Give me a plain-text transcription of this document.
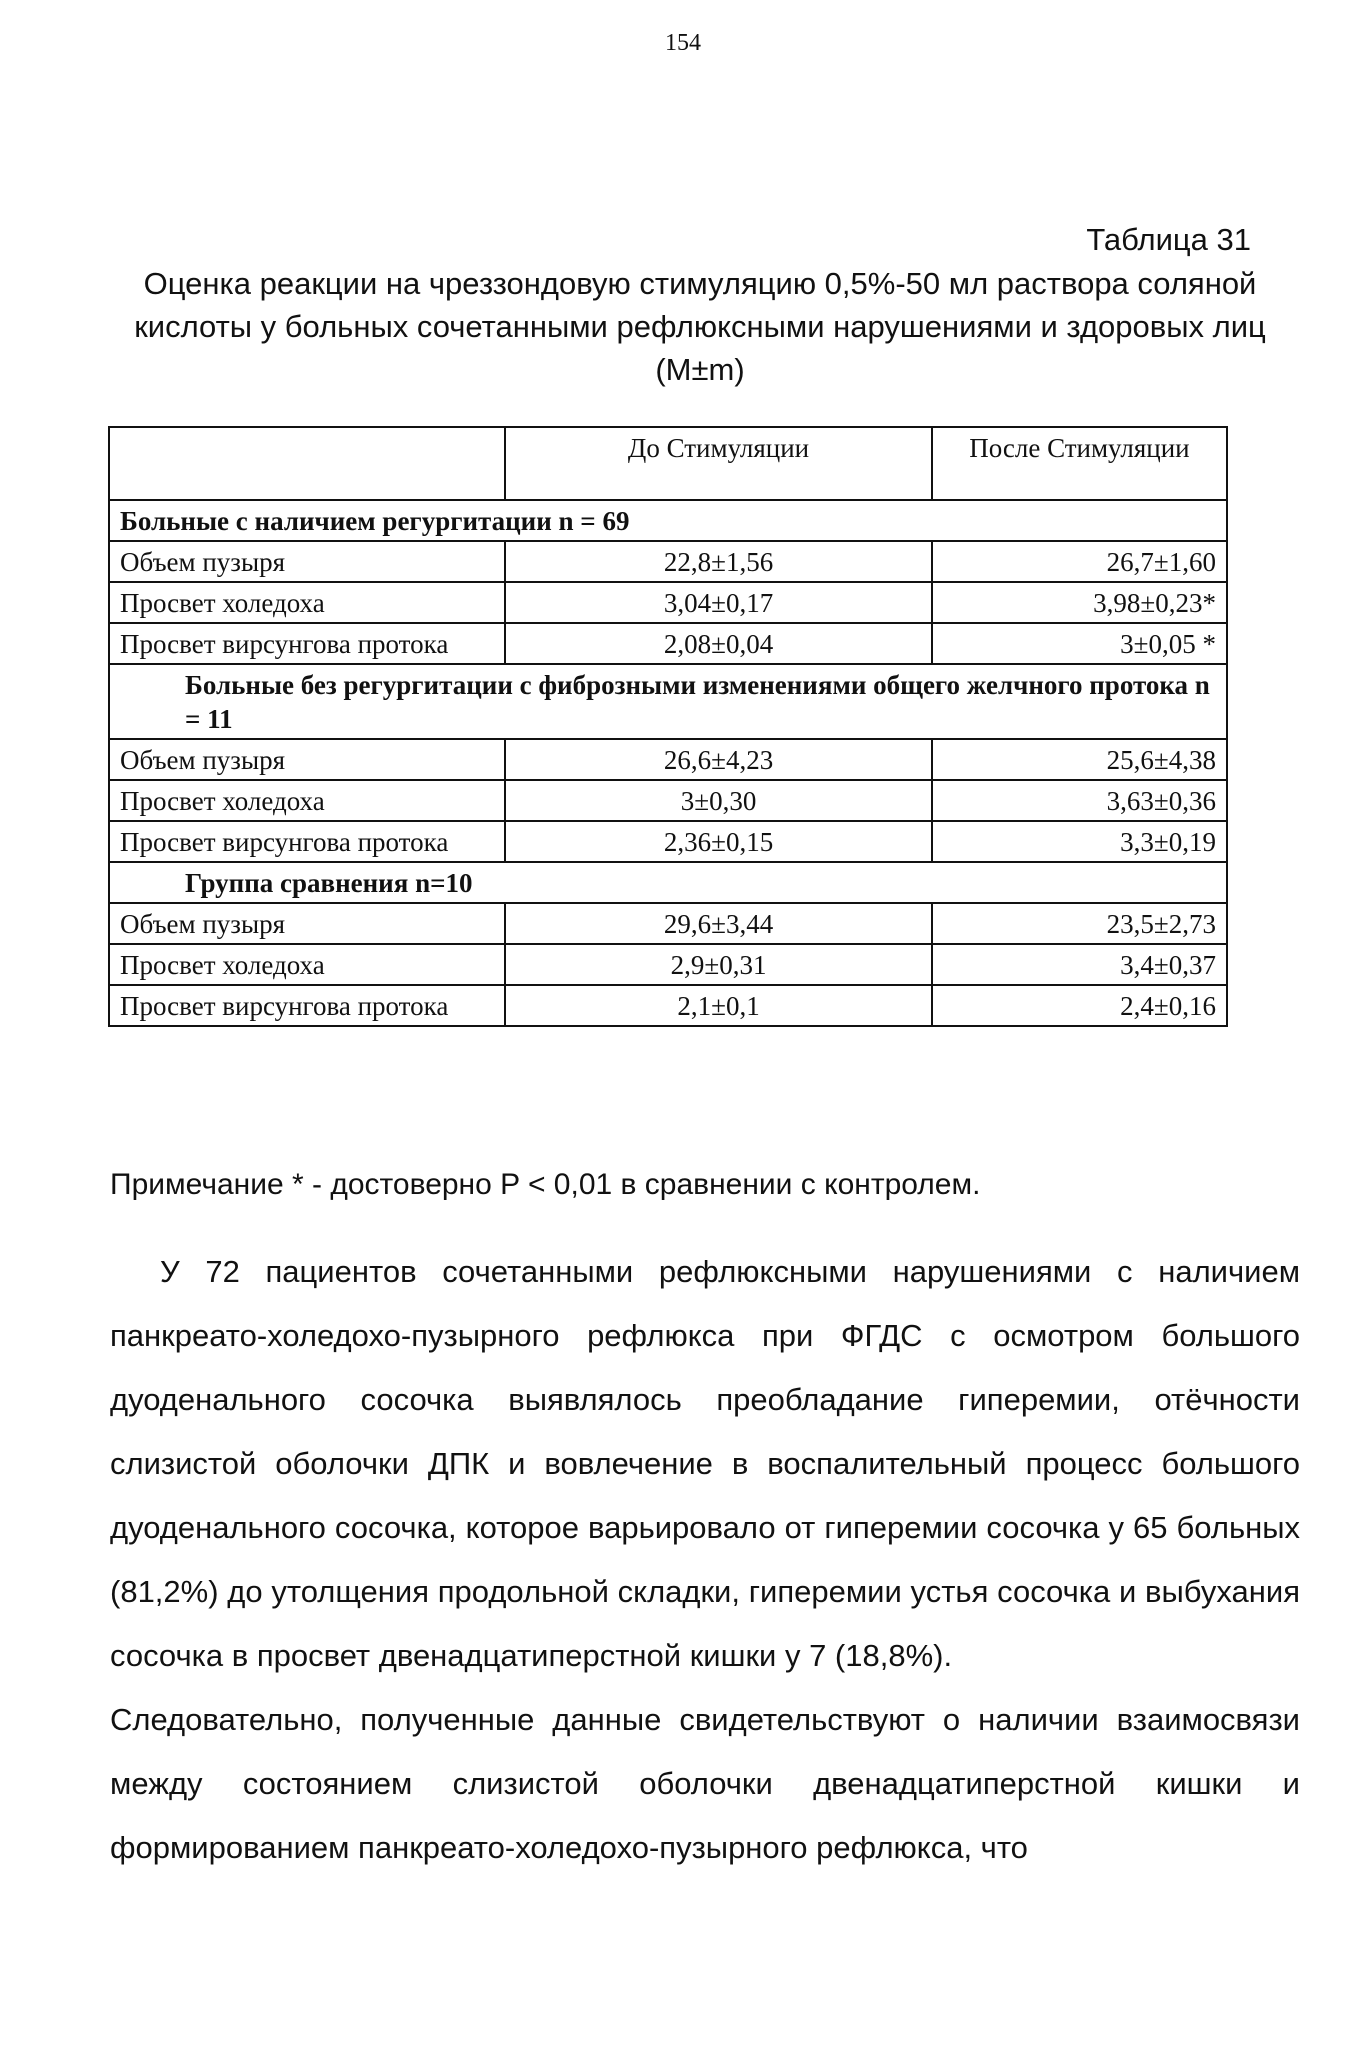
154
Таблица 31
Оценка реакции на чреззондовую стимуляцию 0,5%-50 мл раствора соляной кислоты у больных сочетанными рефлюксными нарушениями и здоровых лиц (M±m)
	До Стимуляции	После Стимуляции
Больные с наличием регургитации n = 69		
Объем пузыря	22,8±1,56	26,7±1,60
Просвет холедоха	3,04±0,17	3,98±0,23*

Просвет вирсунгова протока	2,08±0,04	3±0,05 *
Больные без регургитации с фиброзными изменениями общего желчного протока n = 11		
Объем пузыря	26,6±4,23	25,6±4,38
Просвет холедоха	3±0,30	3,63±0,36

Просвет вирсунгова протока	2,36±0,15	3,3±0,19
Группа сравнения n=10		
Объем пузыря	29,6±3,44	23,5±2,73
Просвет холедоха	2,9±0,31	3,4±0,37

Просвет вирсунгова протока	2,1±0,1	2,4±0,16
Примечание * - достоверно P < 0,01 в сравнении с контролем.

У 72 пациентов сочетанными рефлюксными нарушениями с наличием панкреато-холедохо-пузырного рефлюкса при ФГДС с осмотром большого дуоденального сосочка выявлялось преобладание гиперемии, отёчности слизистой оболочки ДПК и вовлечение в воспалительный процесс большого дуоденального сосочка, которое варьировало от гиперемии сосочка у 65 больных (81,2%) до утолщения продольной складки, гиперемии устья сосочка и выбухания сосочка в просвет двенадцатиперстной кишки у 7 (18,8%).

Следовательно, полученные данные свидетельствуют о наличии взаимосвязи между состоянием слизистой оболочки двенадцатиперстной кишки и формированием панкреато-холедохо-пузырного рефлюкса, что
